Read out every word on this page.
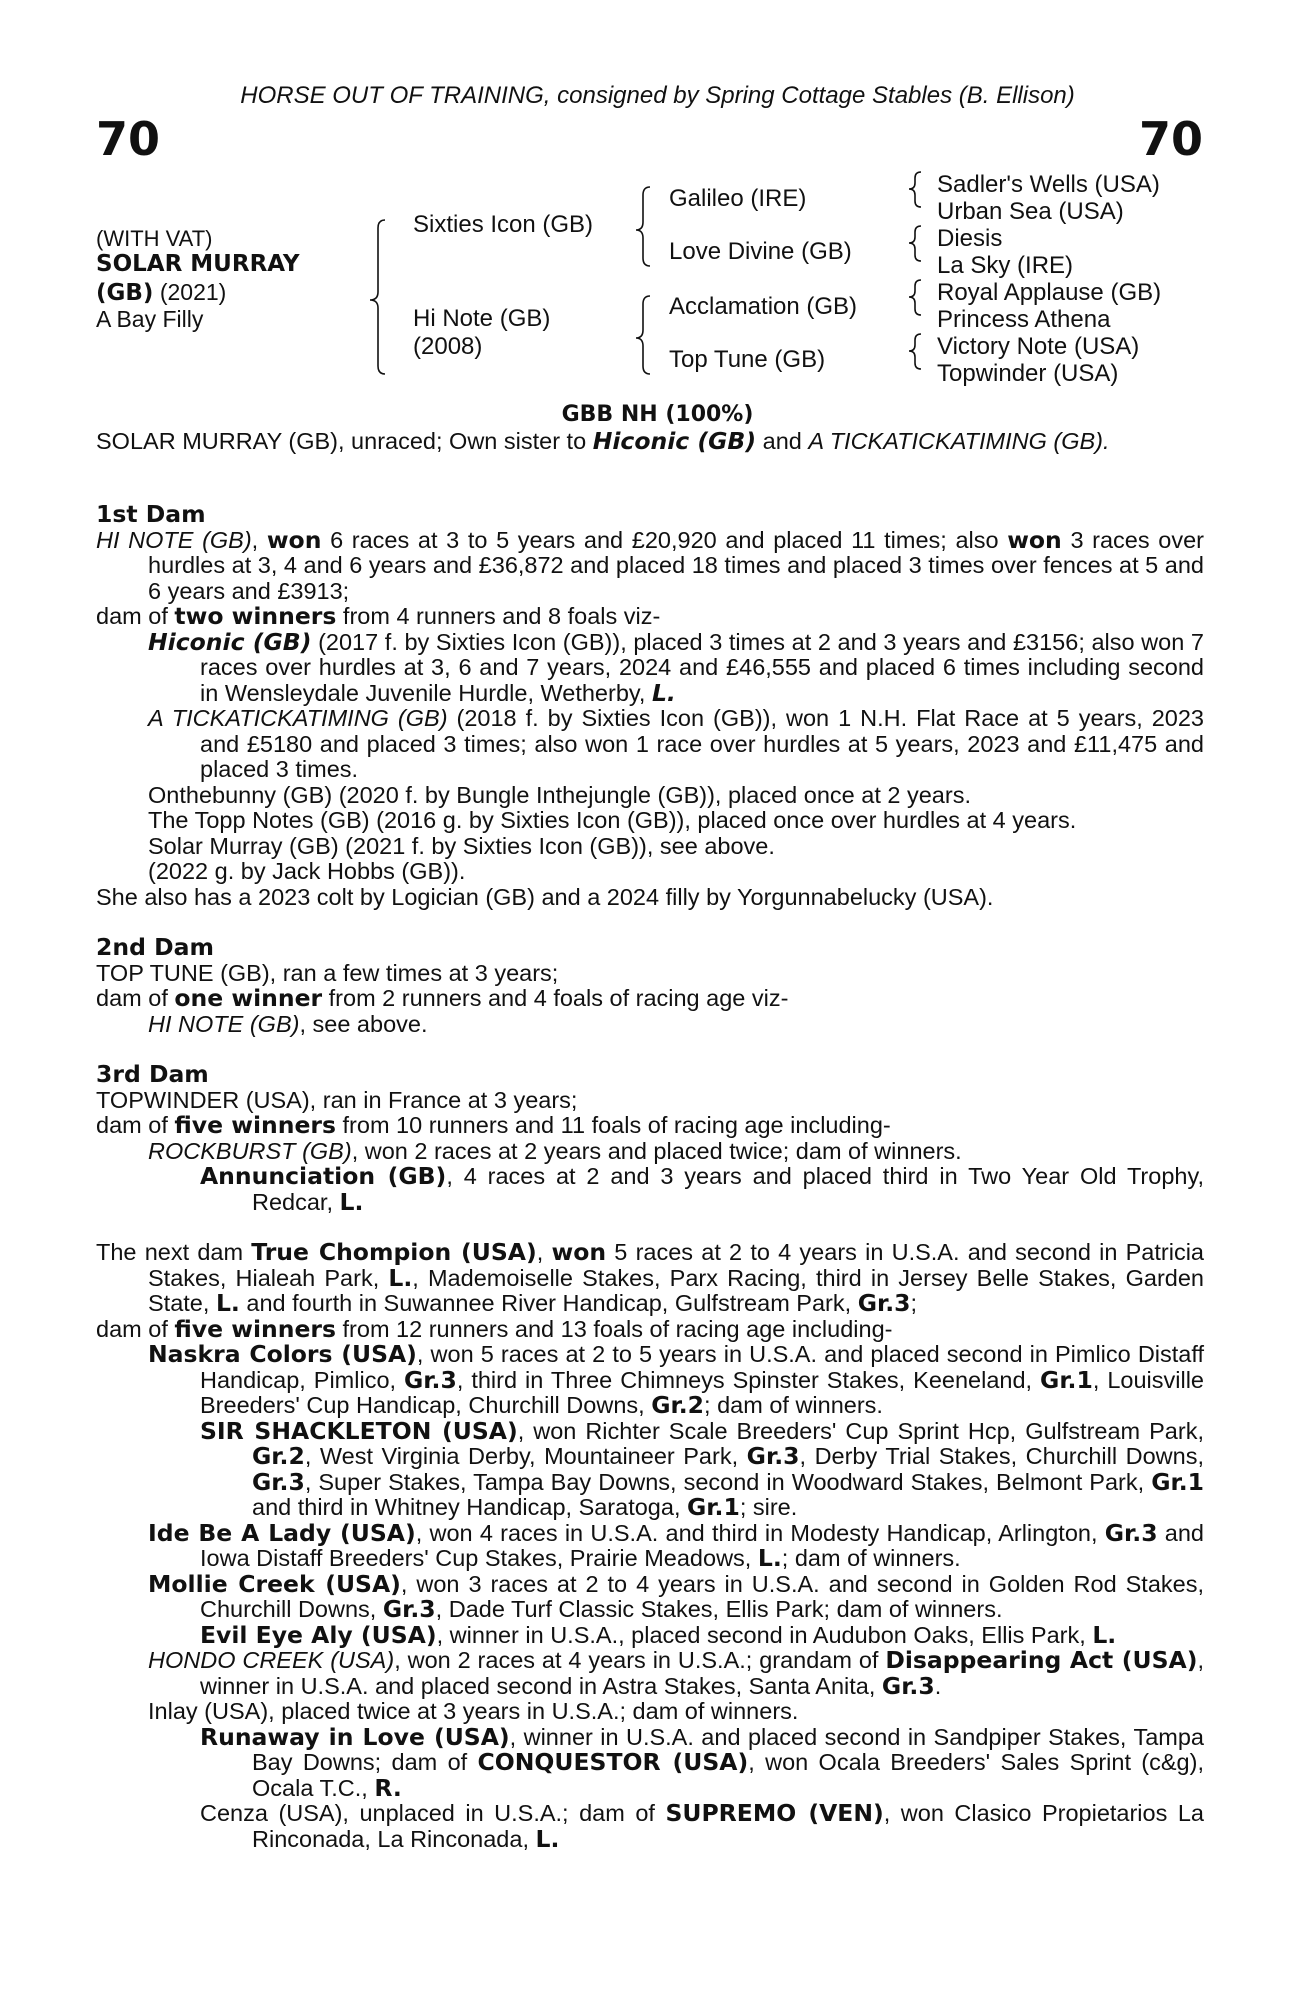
HORSE OUT OF TRAINING, consigned by Spring Cottage Stables (B. Ellison)
70	70
(WITH VAT)
SOLAR MURRAY
(GB) (2021)
A Bay Filly
Sixties Icon (GB)
Hi Note (GB)
(2008)
Galileo (IRE)
Love Divine (GB)
Acclamation (GB)
Top Tune (GB)
Sadler's Wells (USA)
Urban Sea (USA)
Diesis
La Sky (IRE)
Royal Applause (GB)
Princess Athena
Victory Note (USA)
Topwinder (USA)
GBB NH (100%)
SOLAR MURRAY (GB), unraced; Own sister to Hiconic (GB) and A TICKATICKATIMING (GB).

1st Dam

HI NOTE (GB), won 6 races at 3 to 5 years and £20,920 and placed 11 times; also won 3 races over hurdles at 3, 4 and 6 years and £36,872 and placed 18 times and placed 3 times over fences at 5 and 6 years and £3913;

dam of two winners from 4 runners and 8 foals viz-

Hiconic (GB) (2017 f. by Sixties Icon (GB)), placed 3 times at 2 and 3 years and £3156; also won 7 races over hurdles at 3, 6 and 7 years, 2024 and £46,555 and placed 6 times including second in Wensleydale Juvenile Hurdle, Wetherby, L.

A TICKATICKATIMING (GB) (2018 f. by Sixties Icon (GB)), won 1 N.H. Flat Race at 5 years, 2023 and £5180 and placed 3 times; also won 1 race over hurdles at 5 years, 2023 and £11,475 and placed 3 times.

Onthebunny (GB) (2020 f. by Bungle Inthejungle (GB)), placed once at 2 years.

The Topp Notes (GB) (2016 g. by Sixties Icon (GB)), placed once over hurdles at 4 years.

Solar Murray (GB) (2021 f. by Sixties Icon (GB)), see above.

(2022 g. by Jack Hobbs (GB)).

She also has a 2023 colt by Logician (GB) and a 2024 filly by Yorgunnabelucky (USA).

2nd Dam

TOP TUNE (GB), ran a few times at 3 years;

dam of one winner from 2 runners and 4 foals of racing age viz-

HI NOTE (GB), see above.

3rd Dam

TOPWINDER (USA), ran in France at 3 years;

dam of five winners from 10 runners and 11 foals of racing age including-

ROCKBURST (GB), won 2 races at 2 years and placed twice; dam of winners.

Annunciation (GB), 4 races at 2 and 3 years and placed third in Two Year Old Trophy, Redcar, L.

The next dam True Chompion (USA), won 5 races at 2 to 4 years in U.S.A. and second in Patricia Stakes, Hialeah Park, L., Mademoiselle Stakes, Parx Racing, third in Jersey Belle Stakes, Garden State, L. and fourth in Suwannee River Handicap, Gulfstream Park, Gr.3;

dam of five winners from 12 runners and 13 foals of racing age including-

Naskra Colors (USA), won 5 races at 2 to 5 years in U.S.A. and placed second in Pimlico Distaff Handicap, Pimlico, Gr.3, third in Three Chimneys Spinster Stakes, Keeneland, Gr.1, Louisville Breeders' Cup Handicap, Churchill Downs, Gr.2; dam of winners.

SIR SHACKLETON (USA), won Richter Scale Breeders' Cup Sprint Hcp, Gulfstream Park, Gr.2, West Virginia Derby, Mountaineer Park, Gr.3, Derby Trial Stakes, Churchill Downs, Gr.3, Super Stakes, Tampa Bay Downs, second in Woodward Stakes, Belmont Park, Gr.1 and third in Whitney Handicap, Saratoga, Gr.1; sire.

Ide Be A Lady (USA), won 4 races in U.S.A. and third in Modesty Handicap, Arlington, Gr.3 and Iowa Distaff Breeders' Cup Stakes, Prairie Meadows, L.; dam of winners.

Mollie Creek (USA), won 3 races at 2 to 4 years in U.S.A. and second in Golden Rod Stakes, Churchill Downs, Gr.3, Dade Turf Classic Stakes, Ellis Park; dam of winners.

Evil Eye Aly (USA), winner in U.S.A., placed second in Audubon Oaks, Ellis Park, L.

HONDO CREEK (USA), won 2 races at 4 years in U.S.A.; grandam of Disappearing Act (USA), winner in U.S.A. and placed second in Astra Stakes, Santa Anita, Gr.3.

Inlay (USA), placed twice at 3 years in U.S.A.; dam of winners.

Runaway in Love (USA), winner in U.S.A. and placed second in Sandpiper Stakes, Tampa Bay Downs; dam of CONQUESTOR (USA), won Ocala Breeders' Sales Sprint (c&g), Ocala T.C., R.

Cenza (USA), unplaced in U.S.A.; dam of SUPREMO (VEN), won Clasico Propietarios La Rinconada, La Rinconada, L.
